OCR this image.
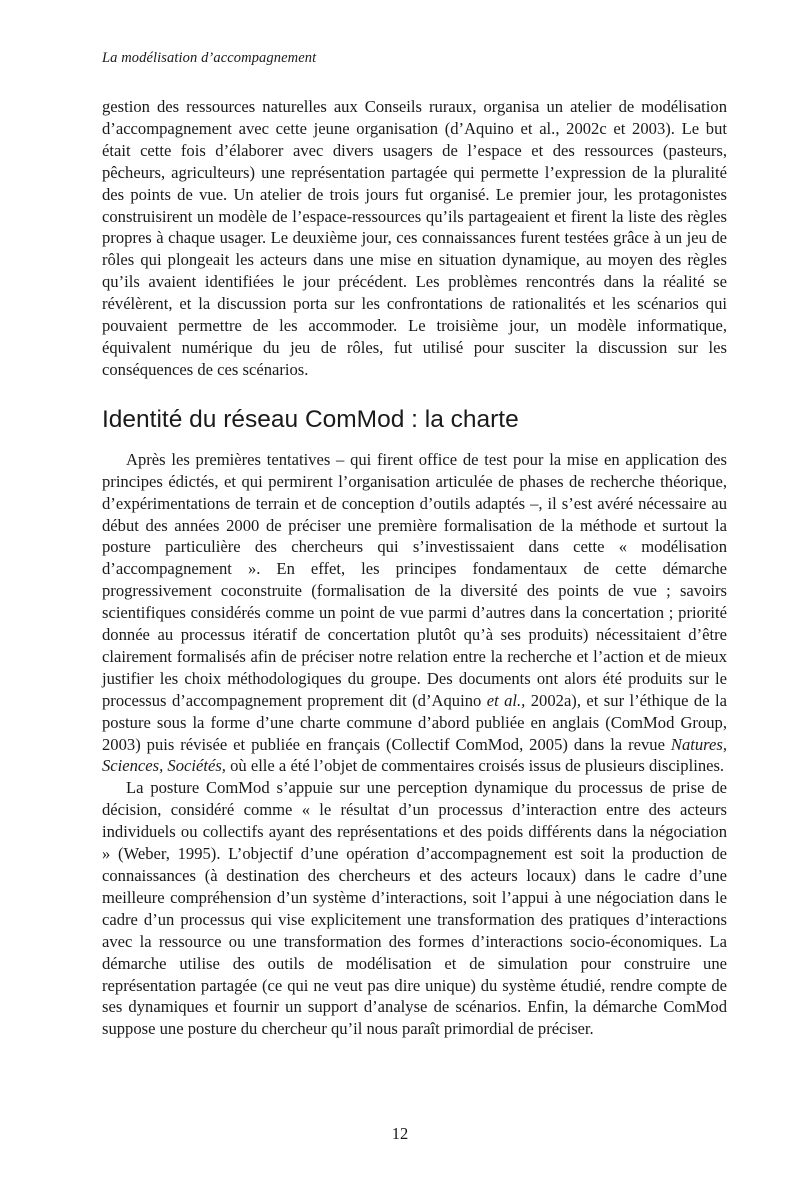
La modélisation d’accompagnement

gestion des ressources naturelles aux Conseils ruraux, organisa un atelier de modélisation d’accompagnement avec cette jeune organisation (d’Aquino et al., 2002c et 2003). Le but était cette fois d’élaborer avec divers usagers de l’espace et des ressources (pasteurs, pêcheurs, agriculteurs) une représentation partagée qui permette l’expression de la pluralité des points de vue. Un atelier de trois jours fut organisé. Le premier jour, les protagonistes construisirent un modèle de l’espace-ressources qu’ils partageaient et firent la liste des règles propres à chaque usager. Le deuxième jour, ces connaissances furent testées grâce à un jeu de rôles qui plongeait les acteurs dans une mise en situation dynamique, au moyen des règles qu’ils avaient identifiées le jour précédent. Les problèmes rencontrés dans la réalité se révélèrent, et la discussion porta sur les confrontations de rationalités et les scénarios qui pouvaient permettre de les accommoder. Le troisième jour, un modèle informatique, équivalent numérique du jeu de rôles, fut utilisé pour susciter la discussion sur les conséquences de ces scénarios.

Identité du réseau ComMod : la charte

Après les premières tentatives – qui firent office de test pour la mise en application des principes édictés, et qui permirent l’organisation articulée de phases de recherche théorique, d’expérimentations de terrain et de conception d’outils adaptés –, il s’est avéré nécessaire au début des années 2000 de préciser une première formalisation de la méthode et surtout la posture particulière des chercheurs qui s’investissaient dans cette « modélisation d’accompagnement ». En effet, les principes fondamentaux de cette démarche progressivement coconstruite (formalisation de la diversité des points de vue ; savoirs scientifiques considérés comme un point de vue parmi d’autres dans la concertation ; priorité donnée au processus itératif de concertation plutôt qu’à ses produits) nécessitaient d’être clairement formalisés afin de préciser notre relation entre la recherche et l’action et de mieux justifier les choix méthodologiques du groupe. Des documents ont alors été produits sur le processus d’accompagnement proprement dit (d’Aquino et al., 2002a), et sur l’éthique de la posture sous la forme d’une charte commune d’abord publiée en anglais (ComMod Group, 2003) puis révisée et publiée en français (Collectif ComMod, 2005) dans la revue Natures, Sciences, Sociétés, où elle a été l’objet de commentaires croisés issus de plusieurs disciplines.

La posture ComMod s’appuie sur une perception dynamique du processus de prise de décision, considéré comme « le résultat d’un processus d’interaction entre des acteurs individuels ou collectifs ayant des représentations et des poids différents dans la négociation » (Weber, 1995). L’objectif d’une opération d’accompagnement est soit la production de connaissances (à destination des chercheurs et des acteurs locaux) dans le cadre d’une meilleure compréhension d’un système d’interactions, soit l’appui à une négociation dans le cadre d’un processus qui vise explicitement une transformation des pratiques d’interactions avec la ressource ou une transformation des formes d’interactions socio-économiques. La démarche utilise des outils de modélisation et de simulation pour construire une représentation partagée (ce qui ne veut pas dire unique) du système étudié, rendre compte de ses dynamiques et fournir un support d’analyse de scénarios. Enfin, la démarche ComMod suppose une posture du chercheur qu’il nous paraît primordial de préciser.

12
